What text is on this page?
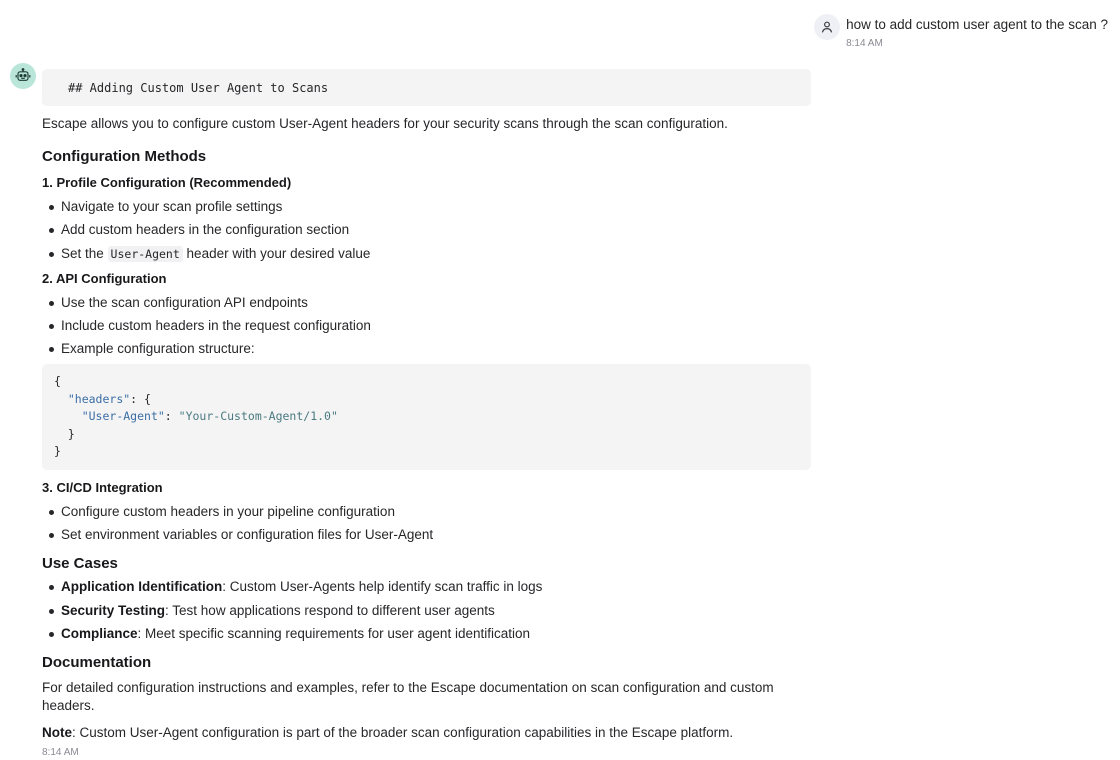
how to add custom user agent to the scan ?
8:14 AM
## Adding Custom User Agent to Scans

Escape allows you to configure custom User-Agent headers for your security scans through the scan configuration.

Configuration Methods
1. Profile Configuration (Recommended)
Navigate to your scan profile settings
Add custom headers in the configuration section
Set the User-Agent header with your desired value
2. API Configuration
Use the scan configuration API endpoints
Include custom headers in the request configuration
Example configuration structure:
{
"headers": {
"User-Agent": "Your-Custom-Agent/1.0"
}
}
3. CI/CD Integration
Configure custom headers in your pipeline configuration
Set environment variables or configuration files for User-Agent
Use Cases
Application Identification: Custom User-Agents help identify scan traffic in logs
Security Testing: Test how applications respond to different user agents
Compliance: Meet specific scanning requirements for user agent identification
Documentation

For detailed configuration instructions and examples, refer to the Escape documentation on scan configuration and custom headers.

Note: Custom User-Agent configuration is part of the broader scan configuration capabilities in the Escape platform.

8:14 AM
